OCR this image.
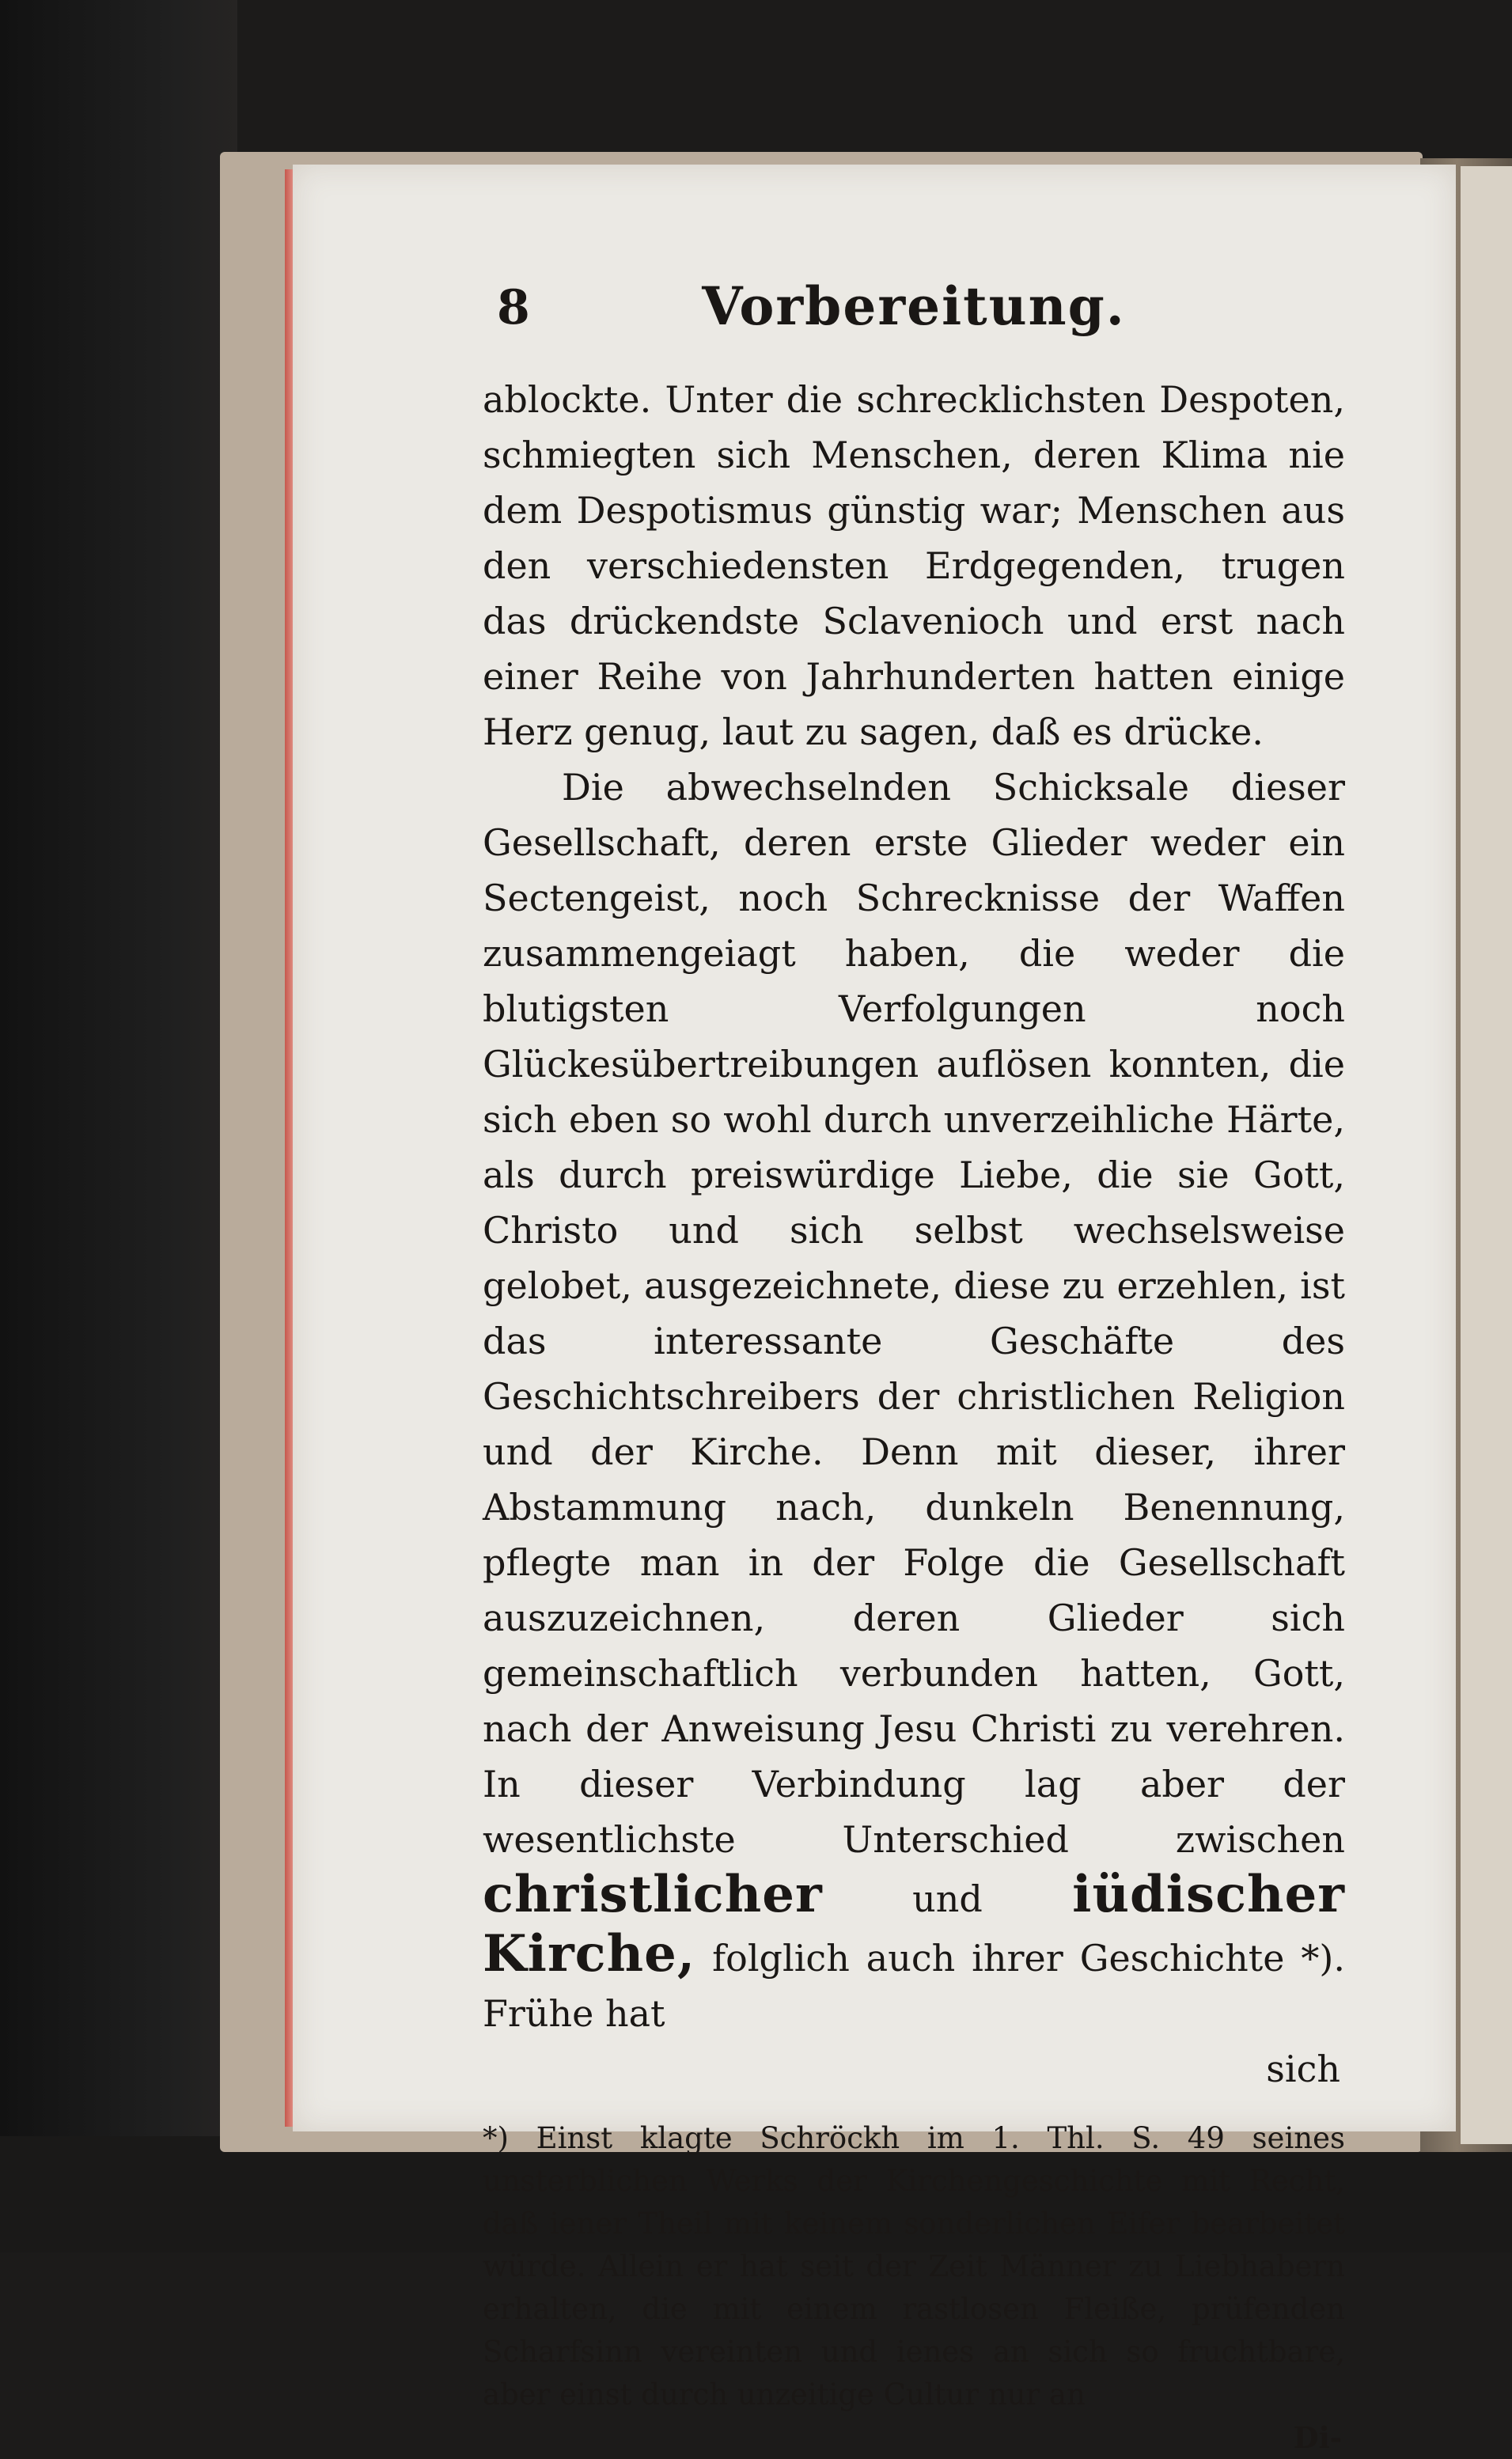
8	Vorbereitung.

ablockte. Unter die schrecklichsten Despoten, schmiegten sich Menschen, deren Klima nie dem Despotismus günstig war; Menschen aus den verschiedensten Erdgegenden, trugen das drückendste Sclavenioch und erst nach einer Reihe von Jahrhunderten hatten einige Herz genug, laut zu sagen, daß es drücke.

Die abwechselnden Schicksale dieser Gesellschaft, deren erste Glieder weder ein Sectengeist, noch Schrecknisse der Waffen zusammengeiagt haben, die weder die blutigsten Verfolgungen noch Glückesübertreibungen auflösen konnten, die sich eben so wohl durch unverzeihliche Härte, als durch preiswürdige Liebe, die sie Gott, Christo und sich selbst wechselsweise gelobet, ausgezeichnete, diese zu erzehlen, ist das interessante Geschäfte des Geschichtschreibers der christlichen Religion und der Kirche. Denn mit dieser, ihrer Abstammung nach, dunkeln Benennung, pflegte man in der Folge die Gesellschaft auszuzeichnen, deren Glieder sich gemeinschaftlich verbunden hatten, Gott, nach der Anweisung Jesu Christi zu verehren. In dieser Verbindung lag aber der wesentlichste Unterschied zwischen christlicher und iüdischer Kirche, folglich auch ihrer Geschichte *). Frühe hat

sich
*) Einst klagte Schröckh im 1. Thl. S. 49 seines unsterblichen Werks der Kirchengeschichte mit Recht, daß iener Theil mit keinem sonderlichen Eifer bearbeitet würde. Allein er hat seit der Zeit Männer zu Liebhabern erhalten, die mit einem rastlosen Fleiße, prüfenden Scharfsinn vereinten und ienes an sich so fruchtbare, aber einst durch unzeitige Cultur nur an
Di-
